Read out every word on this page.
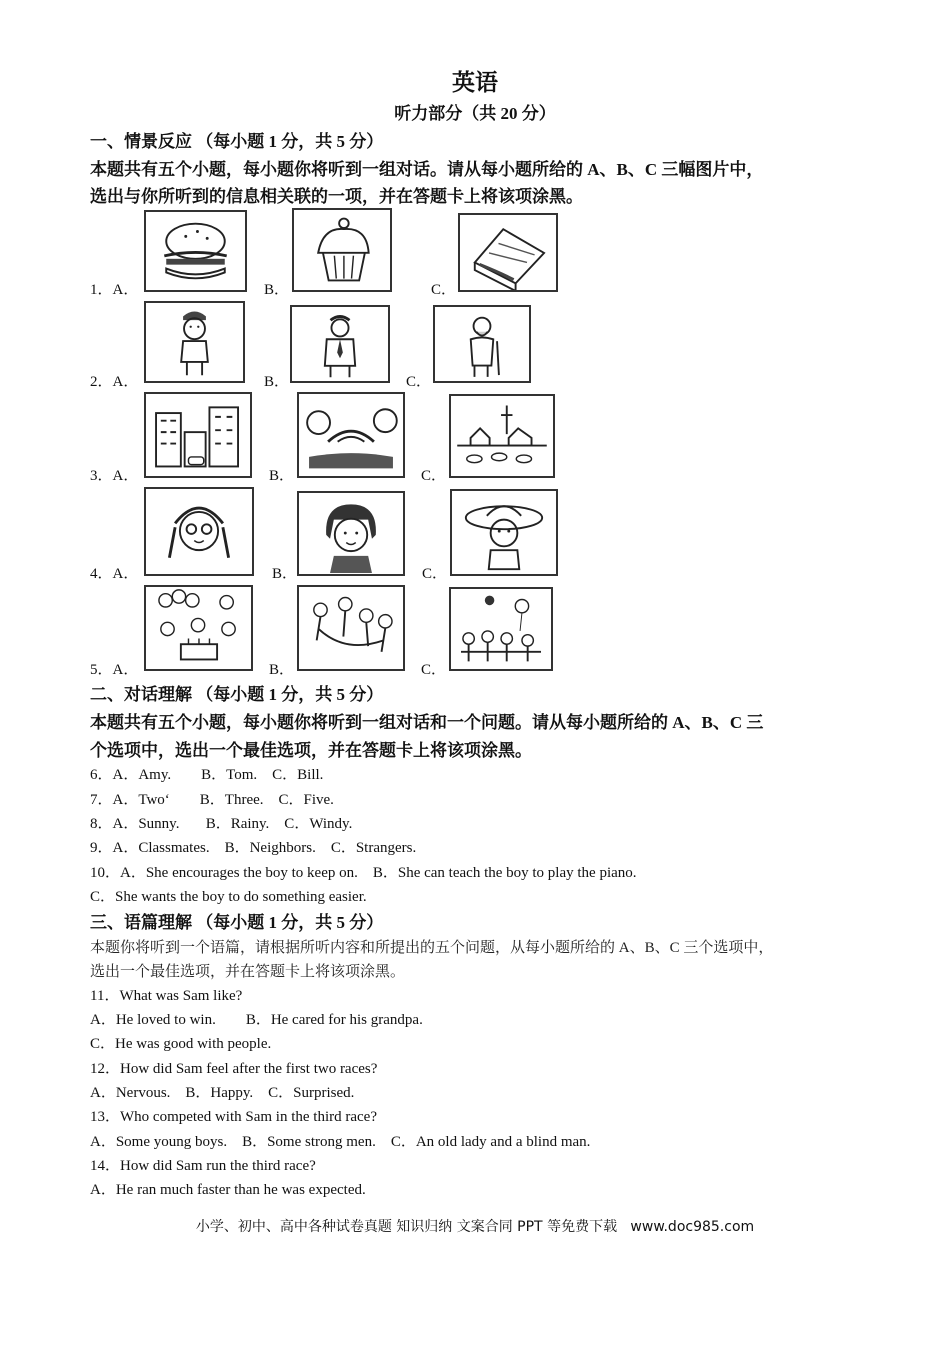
英语
听力部分（共 20 分）
一、情景反应 （每小题 1 分，共 5 分）
本题共有五个小题，每小题你将听到一组对话。请从每小题所给的 A、B、C 三幅图片中，
选出与你所听到的信息相关联的一项，并在答题卡上将该项涂黑。
1．A．	B．	C．
2．A．	B．	C．
3．A．	B．	C．
4．A．	B．	C．
5．A．	B．	C．
二、对话理解 （每小题 1 分，共 5 分）
本题共有五个小题，每小题你将听到一组对话和一个问题。请从每小题所给的 A、B、C 三
个选项中，选出一个最佳选项，并在答题卡上将该项涂黑。
6．A．Amy.        B．Tom.    C．Bill.
7．A．Two‘        B．Three.    C．Five.
8．A．Sunny.       B．Rainy.    C．Windy.
9．A．Classmates.    B．Neighbors.    C．Strangers.
10．A．She encourages the boy to keep on.    B．She can teach the boy to play the piano.
C．She wants the boy to do something easier.
三、语篇理解 （每小题 1 分，共 5 分）
本题你将听到一个语篇，请根据所听内容和所提出的五个问题，从每小题所给的 A、B、C 三个选项中，
选出一个最佳选项，并在答题卡上将该项涂黑。
11．What was Sam like?
A．He loved to win.        B．He cared for his grandpa.
C．He was good with people.
12．How did Sam feel after the first two races?
A．Nervous.    B．Happy.    C．Surprised.
13．Who competed with Sam in the third race?
A．Some young boys.    B．Some strong men.    C．An old lady and a blind man.
14．How did Sam run the third race?
A．He ran much faster than he was expected.
小学、初中、高中各种试卷真题 知识归纳 文案合同 PPT 等免费下载   www.doc985.com
